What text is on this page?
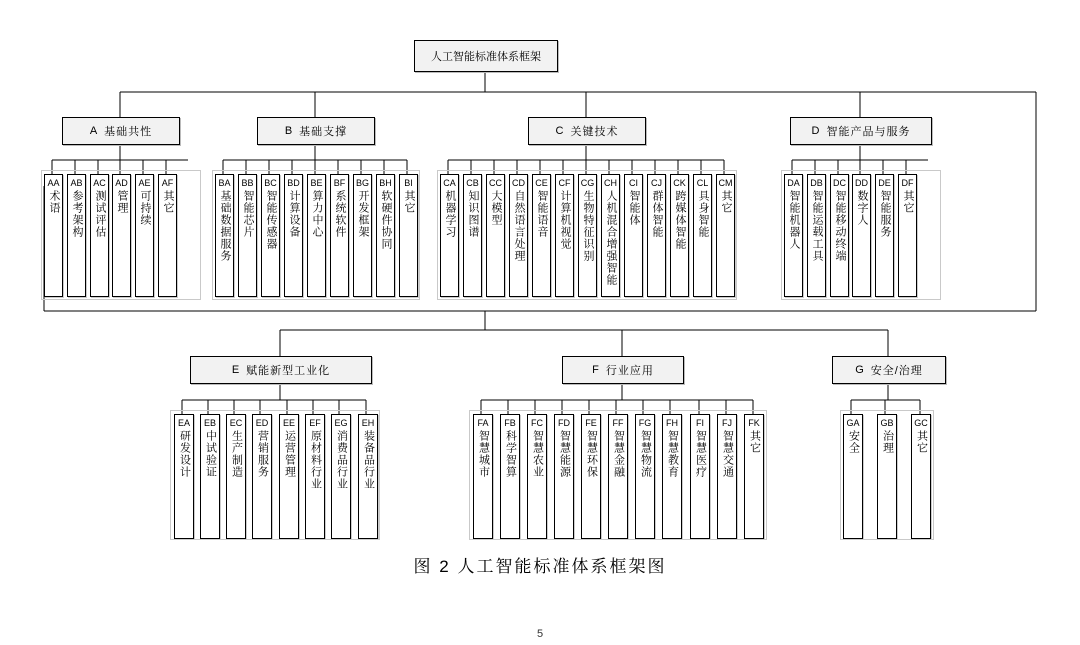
人工智能标准体系框架
A 基础共性	B 基础支撑	C 关键技术	D 智能产品与服务
E 赋能新型工业化	F 行业应用	G 安全/治理
AA
术语
AB
参考架构
AC
测试评估
AD
管理
AE
可持续
AF
其它
BA
基础数据服务
BB
智能芯片
BC
智能传感器
BD
计算设备
BE
算力中心
BF
系统软件
BG
开发框架
BH
软硬件协同
BI
其它
CA
机器学习
CB
知识图谱
CC
大模型
CD
自然语言处理
CE
智能语音
CF
计算机视觉
CG
生物特征识别
CH
人机混合增强智能
CI
智能体
CJ
群体智能
CK
跨媒体智能
CL
具身智能
CM
其它
DA
智能机器人
DB
智能运载工具
DC
智能移动终端
DD
数字人
DE
智能服务
DF
其它
EA
研发设计
EB
中试验证
EC
生产制造
ED
营销服务
EE
运营管理
EF
原材料行业
EG
消费品行业
EH
装备品行业
FA
智慧城市
FB
科学智算
FC
智慧农业
FD
智慧能源
FE
智慧环保
FF
智慧金融
FG
智慧物流
FH
智慧教育
FI
智慧医疗
FJ
智慧交通
FK
其它
GA
安全
GB
治理
GC
其它
图 2 人工智能标准体系框架图
5
